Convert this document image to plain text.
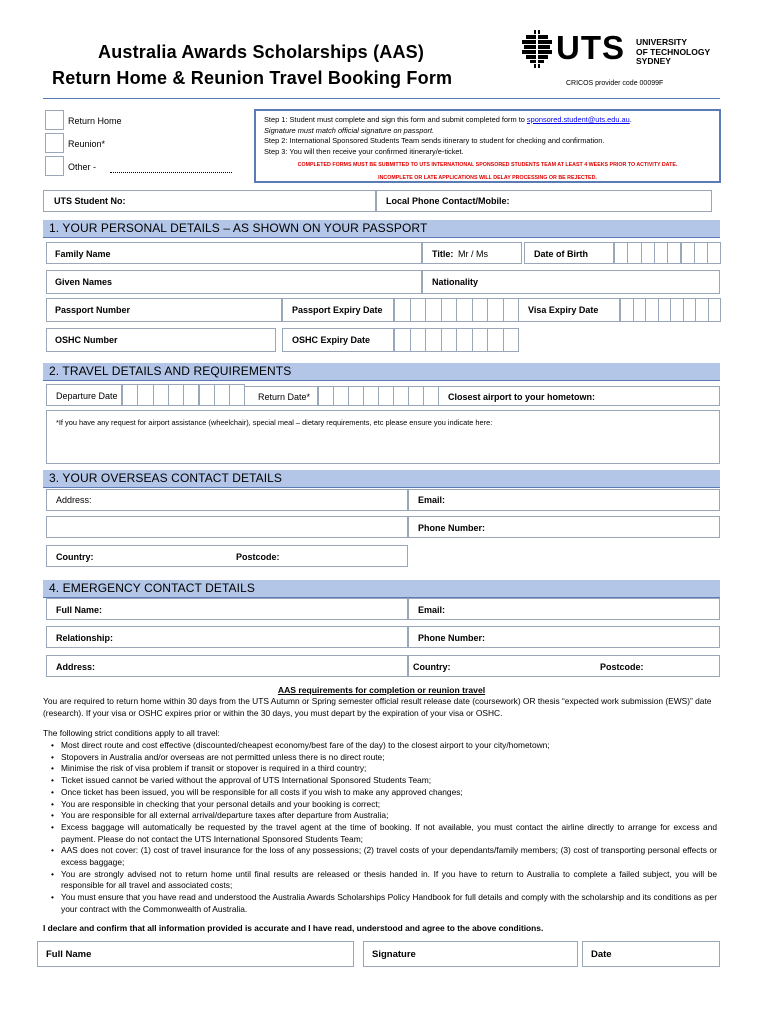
Australia Awards Scholarships (AAS)
Return Home & Reunion Travel Booking Form
UTS UNIVERSITY
OF TECHNOLOGY
SYDNEY
CRICOS provider code 00099F
Return Home
Reunion*
Other -
Step 1: Student must complete and sign this form and submit completed form to sponsored.student@uts.edu.au.
Signature must match official signature on passport.
Step 2: International Sponsored Students Team sends itinerary to student for checking and confirmation.
Step 3: You will then receive your confirmed itinerary/e-ticket.
COMPLETED FORMS MUST BE SUBMITTED TO UTS INTERNATIONAL SPONSORED STUDENTS TEAM AT LEAST 4 WEEKS PRIOR TO ACTIVITY DATE.
INCOMPLETE OR LATE APPLICATIONS WILL DELAY PROCESSING OR BE REJECTED.
UTS Student No:	Local Phone Contact/Mobile:
1. YOUR PERSONAL DETAILS – AS SHOWN ON YOUR PASSPORT
Family Name	Title: Mr / Ms	Date of Birth
Given Names	Nationality
Passport Number	Passport Expiry Date	Visa Expiry Date
OSHC Number	OSHC Expiry Date
2. TRAVEL DETAILS AND REQUIREMENTS
Departure Date	Return Date*	Closest airport to your hometown:
*If you have any request for airport assistance (wheelchair), special meal – dietary requirements, etc please ensure you indicate here:
3. YOUR OVERSEAS CONTACT DETAILS
Address:	Email:
Phone Number:
Country:	Postcode:
4. EMERGENCY CONTACT DETAILS
Full Name:	Email:
Relationship:	Phone Number:
Address:	Country:	Postcode:
AAS requirements for completion or reunion travel
You are required to return home within 30 days from the UTS Autumn or Spring semester official result release date (coursework) OR thesis “expected work submission (EWS)” date (research). If your visa or OSHC expires prior or within the 30 days, you must depart by the expiration of your visa or OSHC.
The following strict conditions apply to all travel:
• Most direct route and cost effective (discounted/cheapest economy/best fare of the day) to the closest airport to your city/hometown;
• Stopovers in Australia and/or overseas are not permitted unless there is no direct route;
• Minimise the risk of visa problem if transit or stopover is required in a third country;
• Ticket issued cannot be varied without the approval of UTS International Sponsored Students Team;
• Once ticket has been issued, you will be responsible for all costs if you wish to make any approved changes;
• You are responsible in checking that your personal details and your booking is correct;
• You are responsible for all external arrival/departure taxes after departure from Australia;
• Excess baggage will automatically be requested by the travel agent at the time of booking. If not available, you must contact the airline directly to arrange for excess and payment. Please do not contact the UTS International Sponsored Students Team;
• AAS does not cover: (1) cost of travel insurance for the loss of any possessions; (2) travel costs of your dependants/family members; (3) cost of transporting personal effects or excess baggage;
• You are strongly advised not to return home until final results are released or thesis handed in. If you have to return to Australia to complete a failed subject, you will be responsible for all travel and associated costs;
• You must ensure that you have read and understood the Australia Awards Scholarships Policy Handbook for full details and comply with the scholarship and its conditions as per your contract with the Commonwealth of Australia.
I declare and confirm that all information provided is accurate and I have read, understood and agree to the above conditions.
Full Name	Signature	Date
